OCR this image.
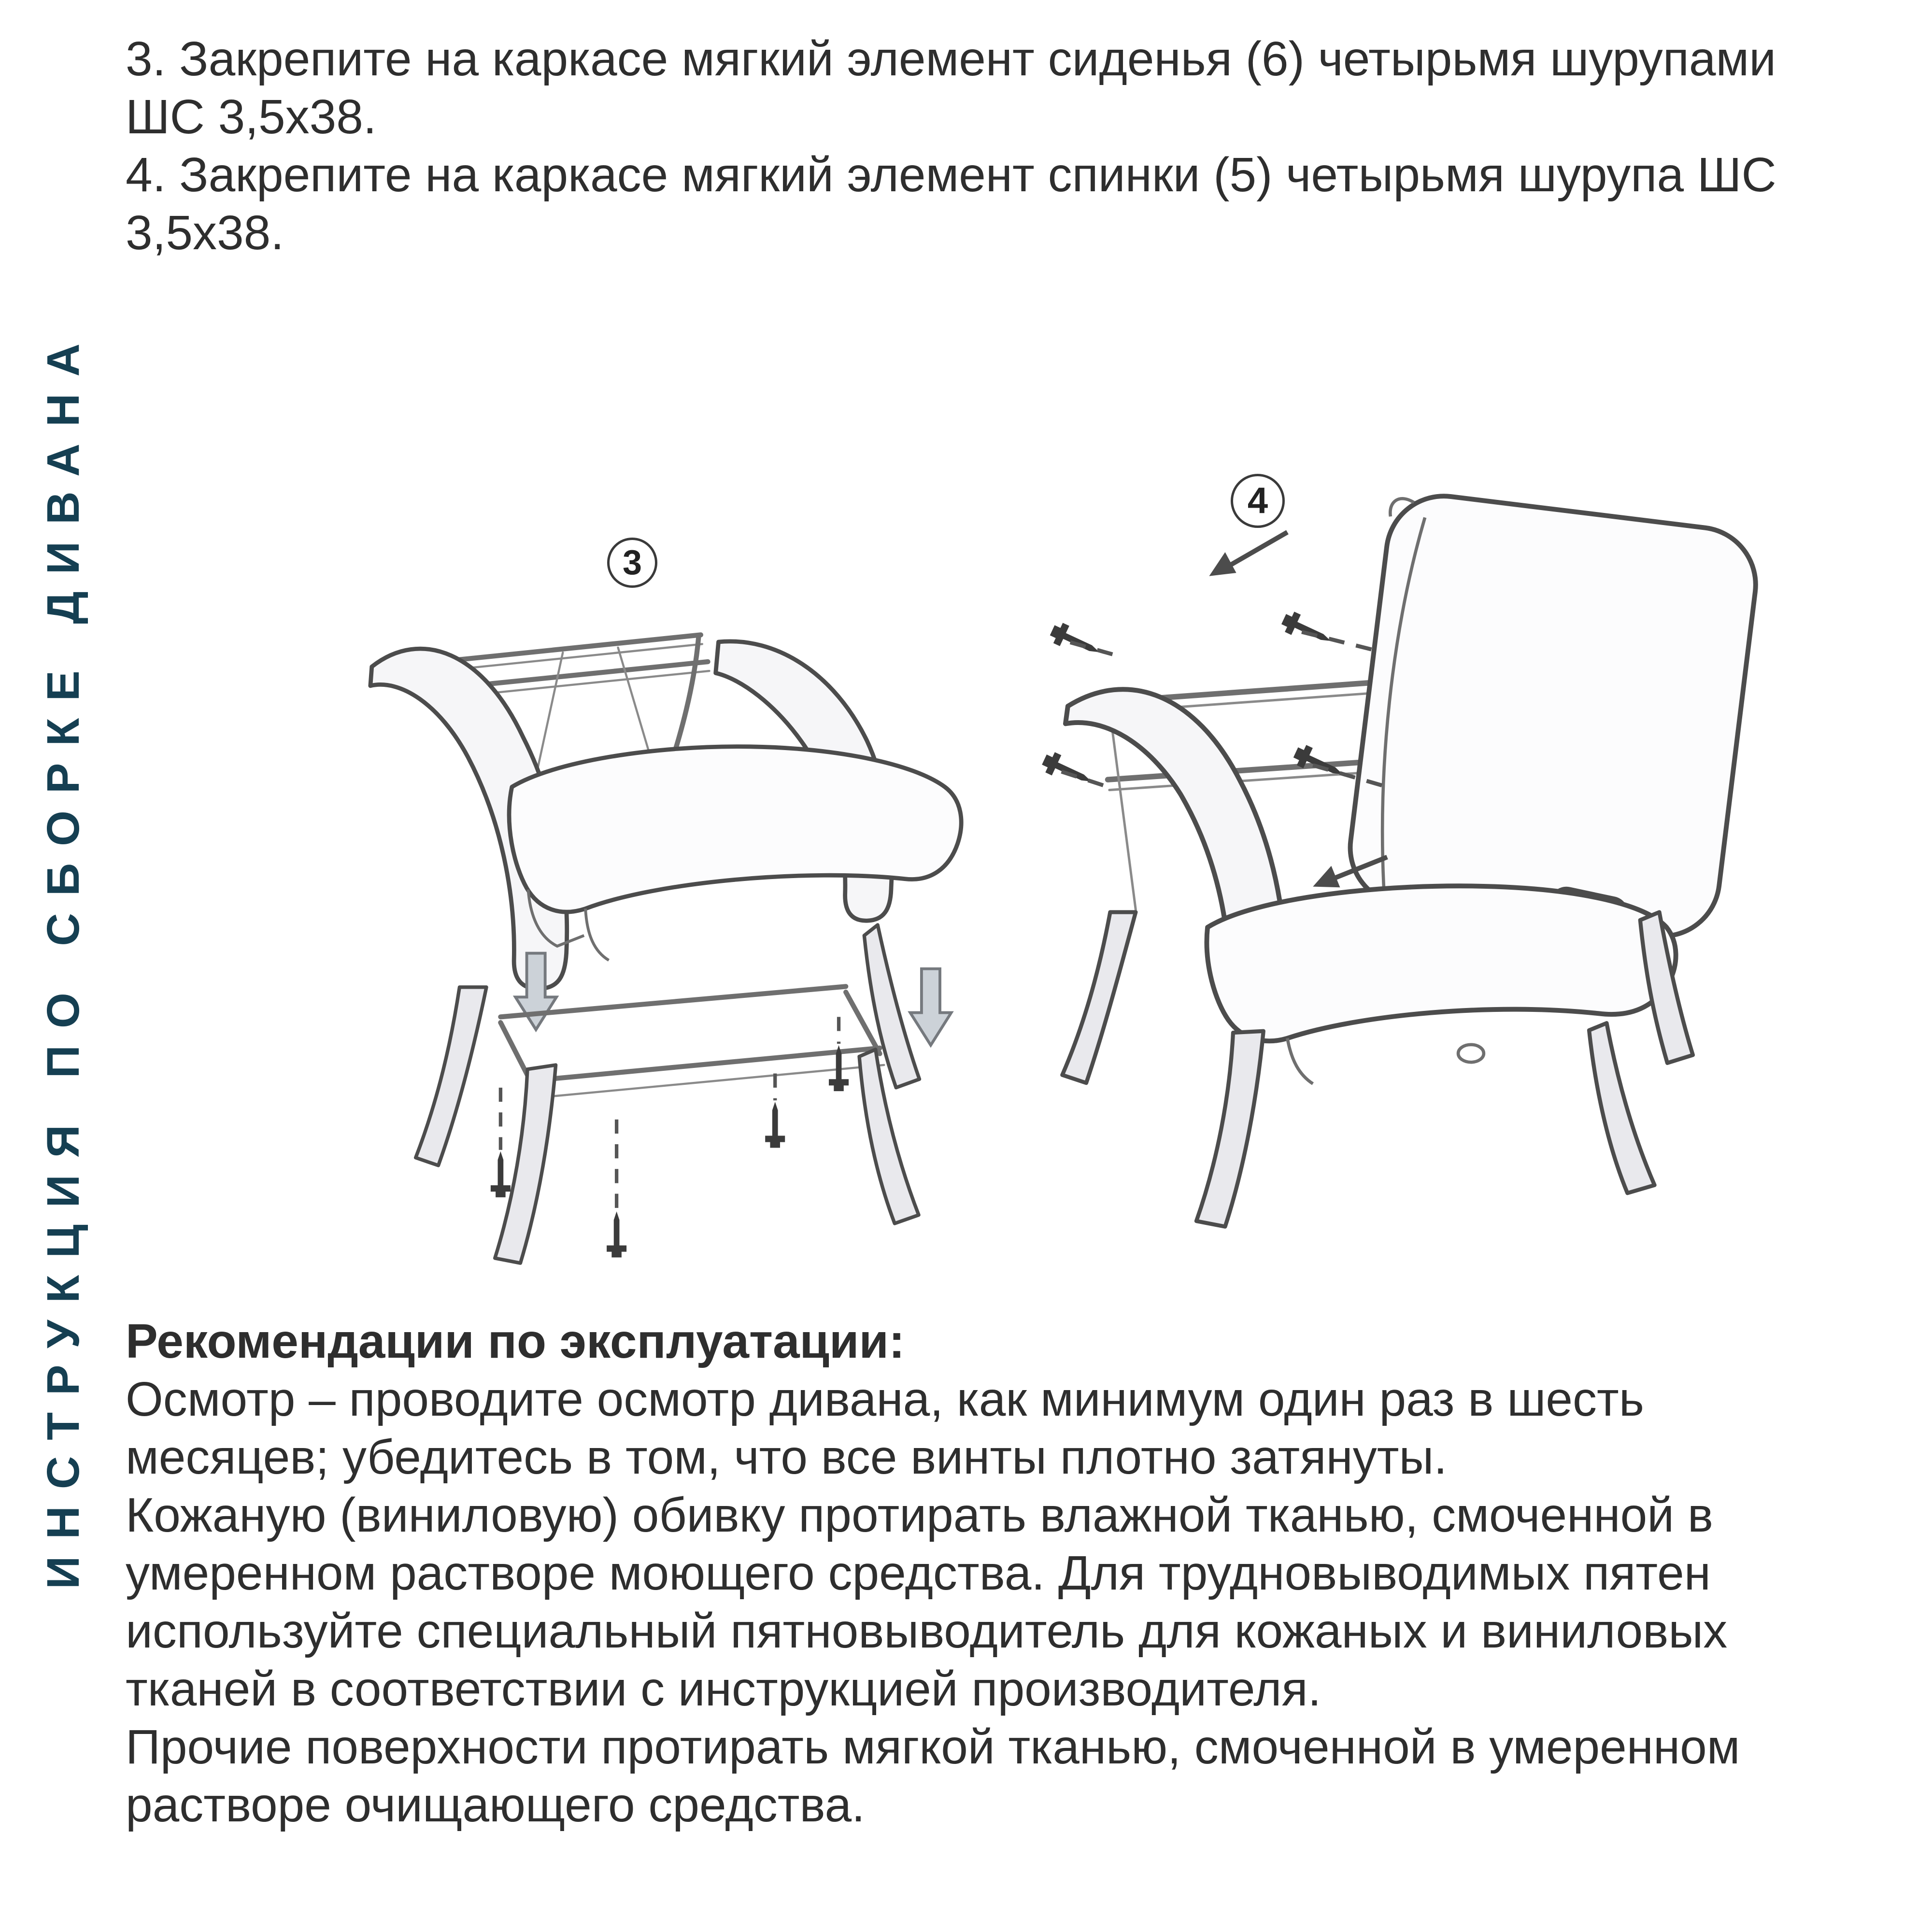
ИНСТРУКЦИЯ ПО СБОРКЕ ДИВАНА
3. Закрепите на каркасе мягкий элемент сиденья (6) четырьмя шурупами
ШС 3,5х38.
4. Закрепите на каркасе мягкий элемент спинки (5) четырьмя шурупа ШС
3,5х38.
3
4
Рекомендации по эксплуатации:
Осмотр – проводите осмотр дивана, как минимум один раз в шесть
месяцев; убедитесь в том, что все винты плотно затянуты.
Кожаную (виниловую) обивку протирать влажной тканью, смоченной в
умеренном растворе моющего средства. Для трудновыводимых пятен
используйте специальный пятновыводитель для кожаных и виниловых
тканей в соответствии с инструкцией производителя.
Прочие поверхности протирать мягкой тканью, смоченной в умеренном
растворе очищающего средства.
